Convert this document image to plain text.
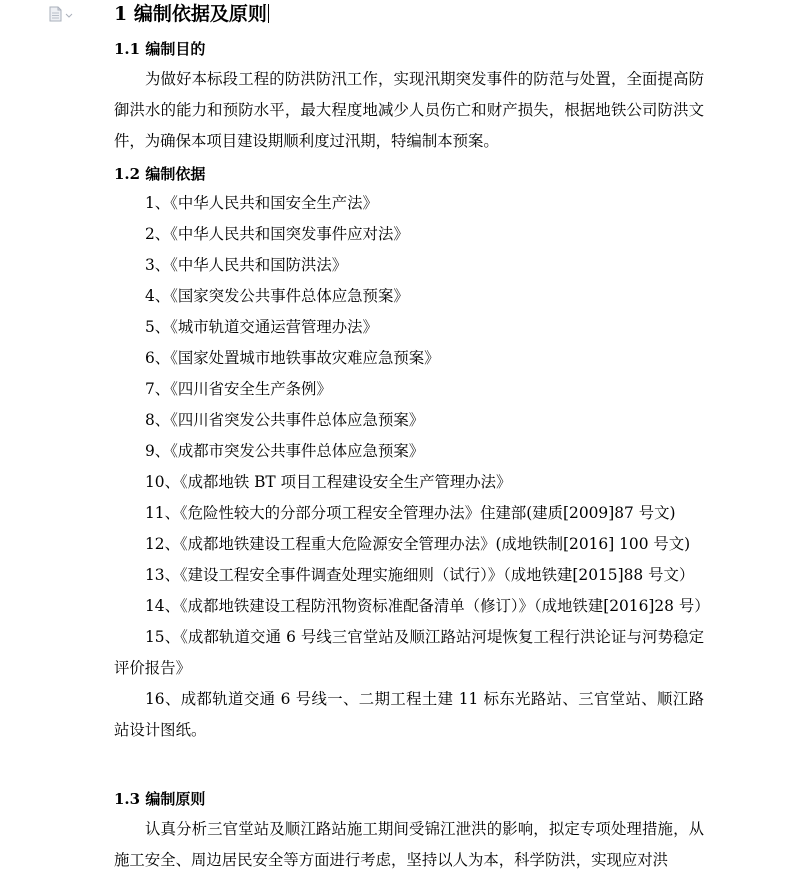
1 编制依据及原则
1.1 编制目的

为做好本标段工程的防洪防汛工作，实现汛期突发事件的防范与处置，全面提高防御洪水的能力和预防水平，最大程度地减少人员伤亡和财产损失，根据地铁公司防洪文件，为确保本项目建设期顺利度过汛期，特编制本预案。

1.2 编制依据
1、《中华人民共和国安全生产法》
2、《中华人民共和国突发事件应对法》
3、《中华人民共和国防洪法》
4、《国家突发公共事件总体应急预案》
5、《城市轨道交通运营管理办法》
6、《国家处置城市地铁事故灾难应急预案》
7、《四川省安全生产条例》
8、《四川省突发公共事件总体应急预案》
9、《成都市突发公共事件总体应急预案》
10、《成都地铁 BT 项目工程建设安全生产管理办法》
11、《危险性较大的分部分项工程安全管理办法》住建部(建质[2009]87 号文)
12、《成都地铁建设工程重大危险源安全管理办法》(成地铁制[2016] 100 号文)
13、《建设工程安全事件调查处理实施细则（试行）》（成地铁建[2015]88 号文）
14、《成都地铁建设工程防汛物资标准配备清单（修订）》（成地铁建[2016]28 号）
15、《成都轨道交通 6 号线三官堂站及顺江路站河堤恢复工程行洪论证与河势稳定评价报告》
16、成都轨道交通 6 号线一、二期工程土建 11 标东光路站、三官堂站、顺江路站设计图纸。
1.3 编制原则

认真分析三官堂站及顺江路站施工期间受锦江泄洪的影响，拟定专项处理措施，从施工安全、周边居民安全等方面进行考虑，坚持以人为本，科学防洪，实现应对洪
